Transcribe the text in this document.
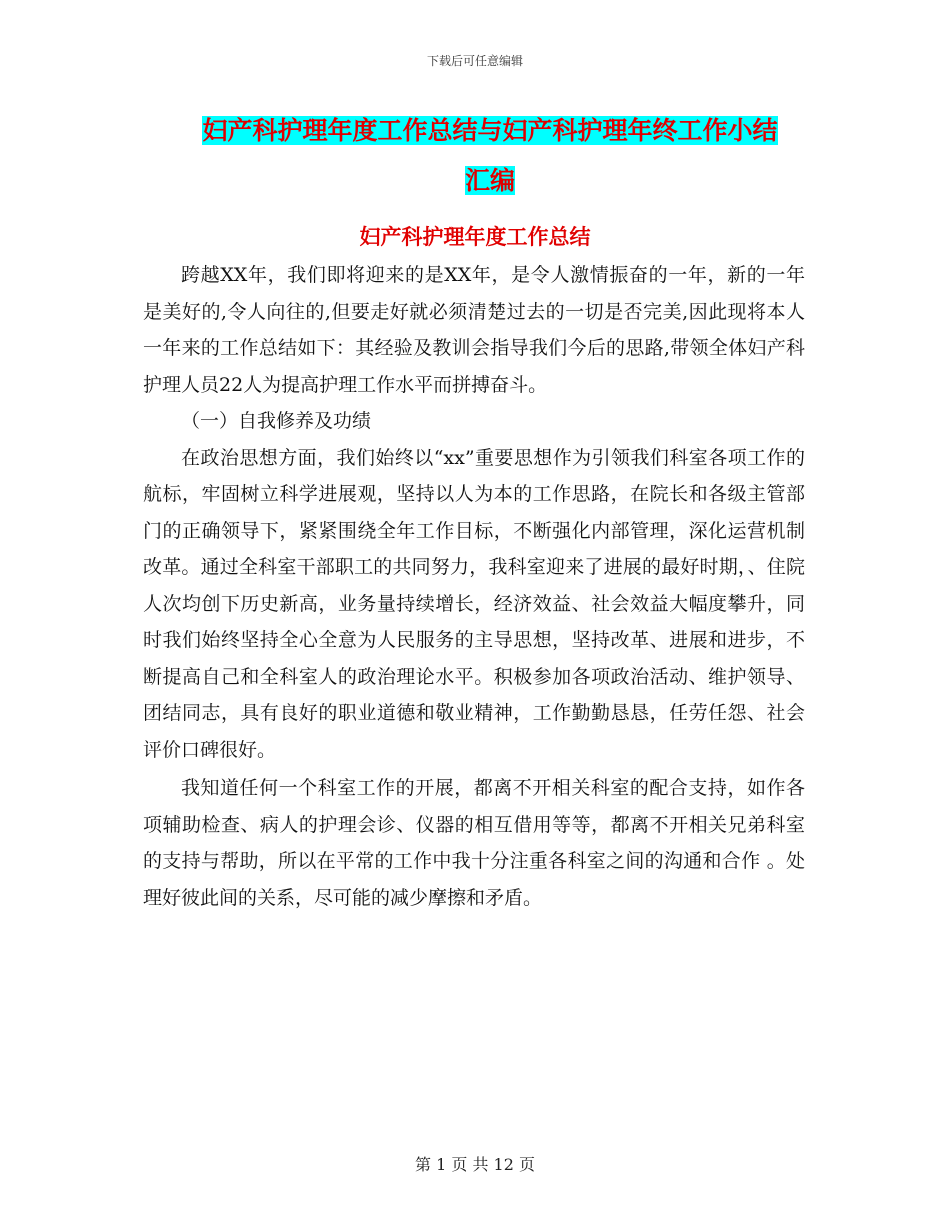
下载后可任意编辑
妇产科护理年度工作总结与妇产科护理年终工作小结
汇编
妇产科护理年度工作总结

跨越XX年，我们即将迎来的是XX年，是令人激情振奋的一年，新的一年是美好的,令人向往的,但要走好就必须清楚过去的一切是否完美,因此现将本人一年来的工作总结如下：其经验及教训会指导我们今后的思路,带领全体妇产科护理人员22人为提高护理工作水平而拼搏奋斗。

（一）自我修养及功绩

在政治思想方面，我们始终以“xx”重要思想作为引领我们科室各项工作的航标，牢固树立科学进展观，坚持以人为本的工作思路，在院长和各级主管部门的正确领导下，紧紧围绕全年工作目标，不断强化内部管理，深化运营机制改革。通过全科室干部职工的共同努力，我科室迎来了进展的最好时期，、住院人次均创下历史新高，业务量持续增长，经济效益、社会效益大幅度攀升，同时我们始终坚持全心全意为人民服务的主导思想，坚持改革、进展和进步，不断提高自己和全科室人的政治理论水平。积极参加各项政治活动、维护领导、团结同志，具有良好的职业道德和敬业精神，工作勤勤恳恳，任劳任怨、社会评价口碑很好。

我知道任何一个科室工作的开展，都离不开相关科室的配合支持，如作各项辅助检查、病人的护理会诊、仪器的相互借用等等，都离不开相关兄弟科室的支持与帮助，所以在平常的工作中我十分注重各科室之间的沟通和合作 。处理好彼此间的关系，尽可能的减少摩擦和矛盾。

第 1 页 共 12 页
